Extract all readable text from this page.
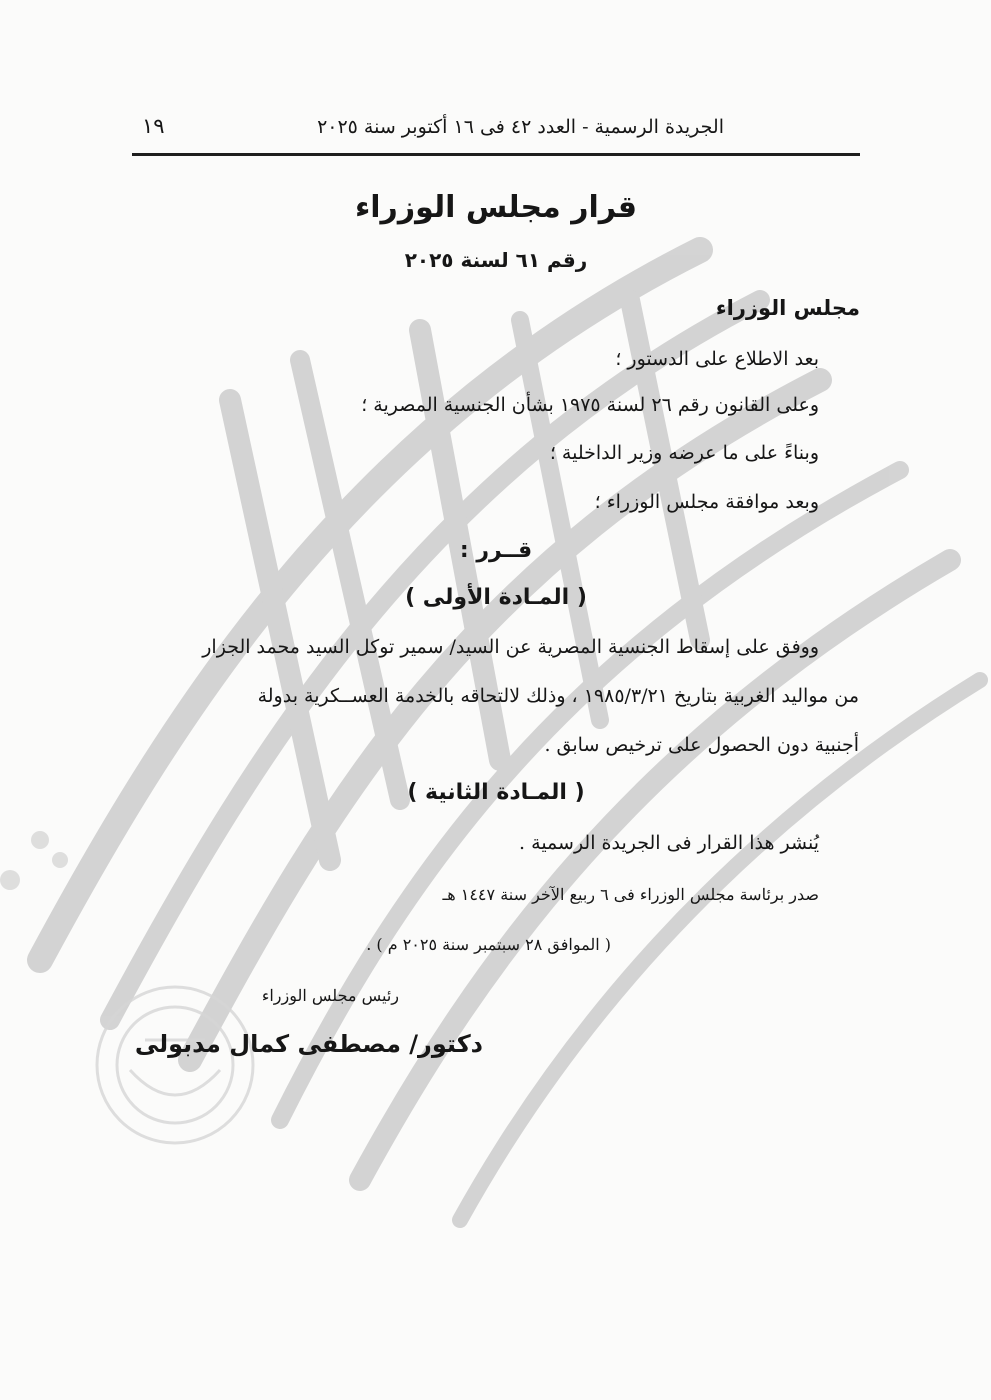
الجريدة الرسمية - العدد ٤٢ فى ١٦ أكتوبر سنة ٢٠٢٥
١٩
قرار مجلس الوزراء
رقم ٦١ لسنة ٢٠٢٥
مجلس الوزراء
بعد الاطلاع على الدستور ؛
وعلى القانون رقم ٢٦ لسنة ١٩٧٥ بشأن الجنسية المصرية ؛
وبناءً على ما عرضه وزير الداخلية ؛
وبعد موافقة مجلس الوزراء ؛
قــرر :
( المـادة الأولى )
ووفق على إسقاط الجنسية المصرية عن السيد/ سمير توكل السيد محمد الجزار
من مواليد الغربية بتاريخ ١٩٨٥/٣/٢١ ، وذلك لالتحاقه بالخدمة العســكرية بدولة
أجنبية دون الحصول على ترخيص سابق .
( المـادة الثانية )
يُنشر هذا القرار فى الجريدة الرسمية .
صدر برئاسة مجلس الوزراء فى ٦ ربيع الآخر سنة ١٤٤٧ هـ
( الموافق ٢٨ سبتمبر سنة ٢٠٢٥ م ) .
رئيس مجلس الوزراء
دكتور/ مصطفى كمال مدبولى
